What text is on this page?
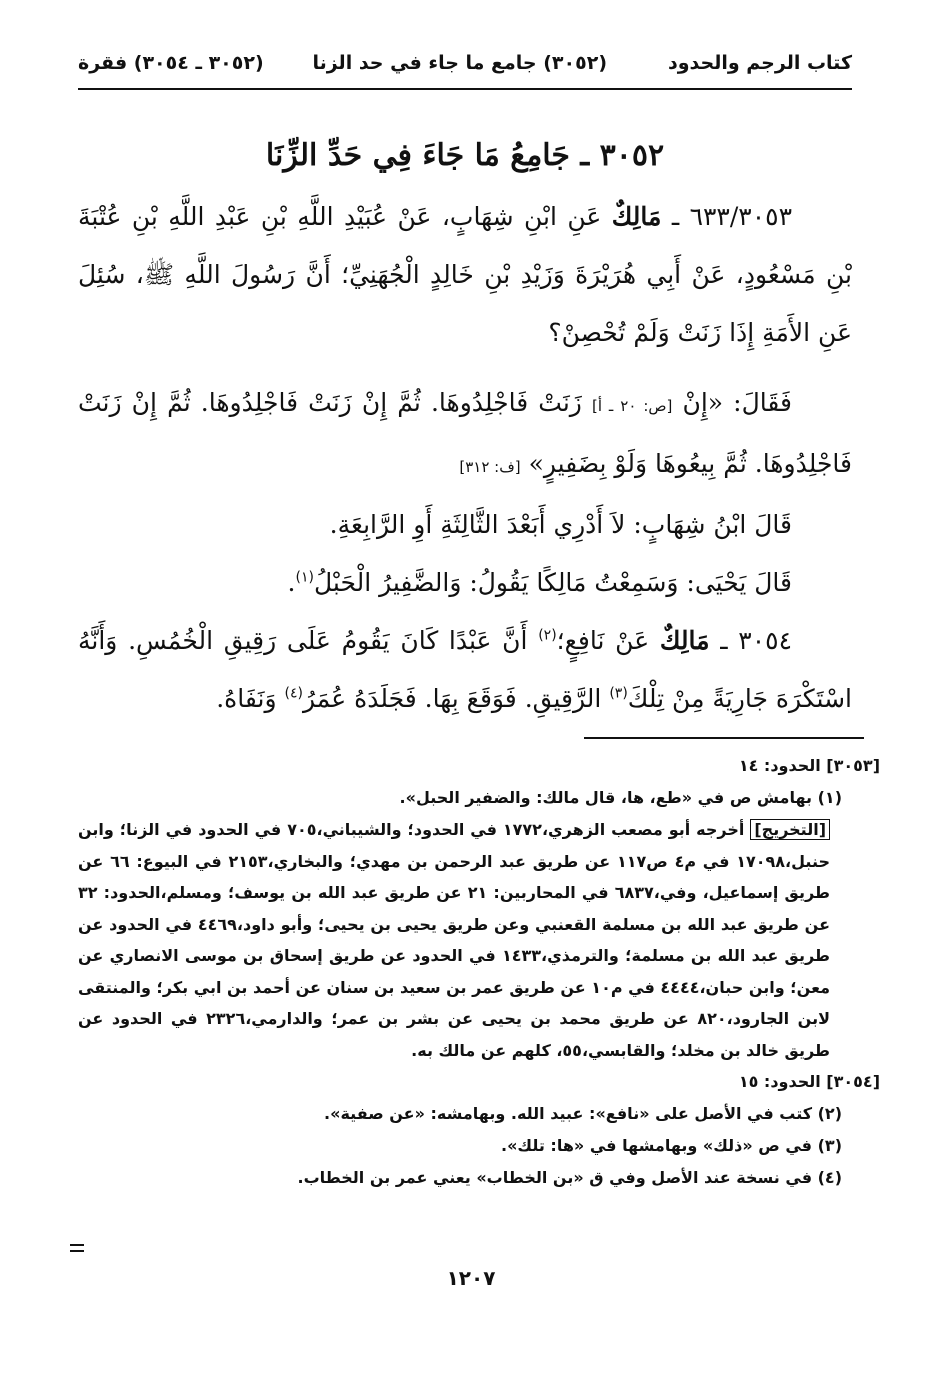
كتاب الرجم والحدود
(٣٠٥٢) جامع ما جاء في حد الزنا
(٣٠٥٢ ـ ٣٠٥٤) فقرة
٣٠٥٢ ـ جَامِعُ مَا جَاءَ فِي حَدِّ الزِّنَا

٦٣٣/٣٠٥٣ ـ مَالِكٌ عَنِ ابْنِ شِهَابٍ، عَنْ عُبَيْدِ اللَّهِ بْنِ عَبْدِ اللَّهِ بْنِ عُتْبَةَ بْنِ مَسْعُودٍ، عَنْ أَبِي هُرَيْرَةَ وَزَيْدِ بْنِ خَالِدٍ الْجُهَنِيِّ؛ أَنَّ رَسُولَ اللَّهِ ﷺ، سُئِلَ عَنِ الأَمَةِ إِذَا زَنَتْ وَلَمْ تُحْصِنْ؟

فَقَالَ: «إِنْ [ص: ٢٠ ـ أ] زَنَتْ فَاجْلِدُوهَا. ثُمَّ إِنْ زَنَتْ فَاجْلِدُوهَا. ثُمَّ إِنْ زَنَتْ فَاجْلِدُوهَا. ثُمَّ بِيعُوهَا وَلَوْ بِضَفِيرٍ» [ف: ٣١٢]

قَالَ ابْنُ شِهَابٍ: لاَ أَدْرِي أَبَعْدَ الثَّالِثَةِ أَوِ الرَّابِعَةِ.

قَالَ يَحْيَى: وَسَمِعْتُ مَالِكًا يَقُولُ: وَالضَّفِيرُ الْحَبْلُ$^{(١)}$.

٣٠٥٤ ـ مَالِكٌ عَنْ نَافِعٍ؛$^{(٢)}$ أَنَّ عَبْدًا كَانَ يَقُومُ عَلَى رَقِيقِ الْخُمُسِ. وَأَنَّهُ اسْتَكْرَهَ جَارِيَةً مِنْ تِلْكَ$^{(٣)}$ الرَّقِيقِ. فَوَقَعَ بِهَا. فَجَلَدَهُ عُمَرُ$^{(٤)}$ وَنَفَاهُ.

[٣٠٥٣] الحدود: ١٤

(١) بهامش ص في «طع، ها، قال مالك: والضفير الحبل».

[التخريج] أخرجه أبو مصعب الزهري،١٧٧٢ في الحدود؛ والشيباني،٧٠٥ في الحدود في الزنا؛ وابن حنبل،١٧٠٩٨ في م٤ ص١١٧ عن طريق عبد الرحمن بن مهدي؛ والبخاري،٢١٥٣ في البيوع: ٦٦ عن طريق إسماعيل، وفي،٦٨٣٧ في المحاربين: ٢١ عن طريق عبد الله بن يوسف؛ ومسلم،الحدود: ٣٢ عن طريق عبد الله بن مسلمة القعنبي وعن طريق يحيى بن يحيى؛ وأبو داود،٤٤٦٩ في الحدود عن طريق عبد الله بن مسلمة؛ والترمذي،١٤٣٣ في الحدود عن طريق إسحاق بن موسى الانصاري عن معن؛ وابن حبان،٤٤٤٤ في م١٠ عن طريق عمر بن سعيد بن سنان عن أحمد بن ابي بكر؛ والمنتقى لابن الجارود،٨٢٠ عن طريق محمد بن يحيى عن بشر بن عمر؛ والدارمي،٢٣٢٦ في الحدود عن طريق خالد بن مخلد؛ والقابسي،٥٥، كلهم عن مالك به.

[٣٠٥٤] الحدود: ١٥

(٢) كتب في الأصل على «نافع»: عبيد الله. وبهامشه: «عن صفية».

(٣) في ص «ذلك» وبهامشها في «ها: تلك».

(٤) في نسخة عند الأصل وفي ق «بن الخطاب» يعني عمر بن الخطاب.

١٢٠٧
